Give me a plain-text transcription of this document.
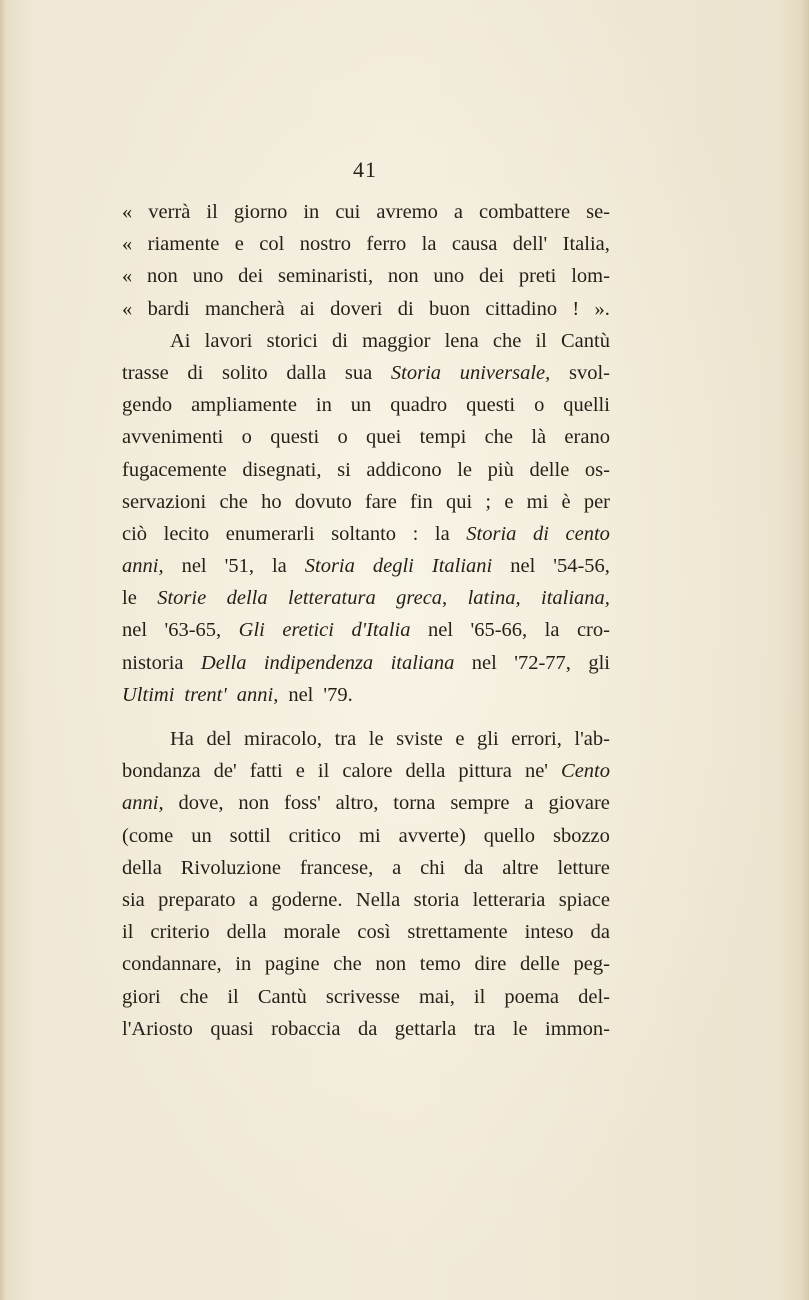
41
« verrà il giorno in cui avremo a combattere se-
« riamente e col nostro ferro la causa dell' Italia,
« non uno dei seminaristi, non uno dei preti lom-
« bardi mancherà ai doveri di buon cittadino ! ».
Ai lavori storici di maggior lena che il Cantù
trasse di solito dalla sua Storia universale, svol-
gendo ampliamente in un quadro questi o quelli
avvenimenti o questi o quei tempi che là erano
fugacemente disegnati, si addicono le più delle os-
servazioni che ho dovuto fare fin qui ; e mi è per
ciò lecito enumerarli soltanto : la Storia di cento
anni, nel '51, la Storia degli Italiani nel '54-56,
le Storie della letteratura greca, latina, italiana,
nel '63-65, Gli eretici d'Italia nel '65-66, la cro-
nistoria Della indipendenza italiana nel '72-77, gli
Ultimi trent' anni, nel '79.
Ha del miracolo, tra le sviste e gli errori, l'ab-
bondanza de' fatti e il calore della pittura ne' Cento
anni, dove, non foss' altro, torna sempre a giovare
(come un sottil critico mi avverte) quello sbozzo
della Rivoluzione francese, a chi da altre letture
sia preparato a goderne. Nella storia letteraria spiace
il criterio della morale così strettamente inteso da
condannare, in pagine che non temo dire delle peg-
giori che il Cantù scrivesse mai, il poema del-
l'Ariosto quasi robaccia da gettarla tra le immon-
